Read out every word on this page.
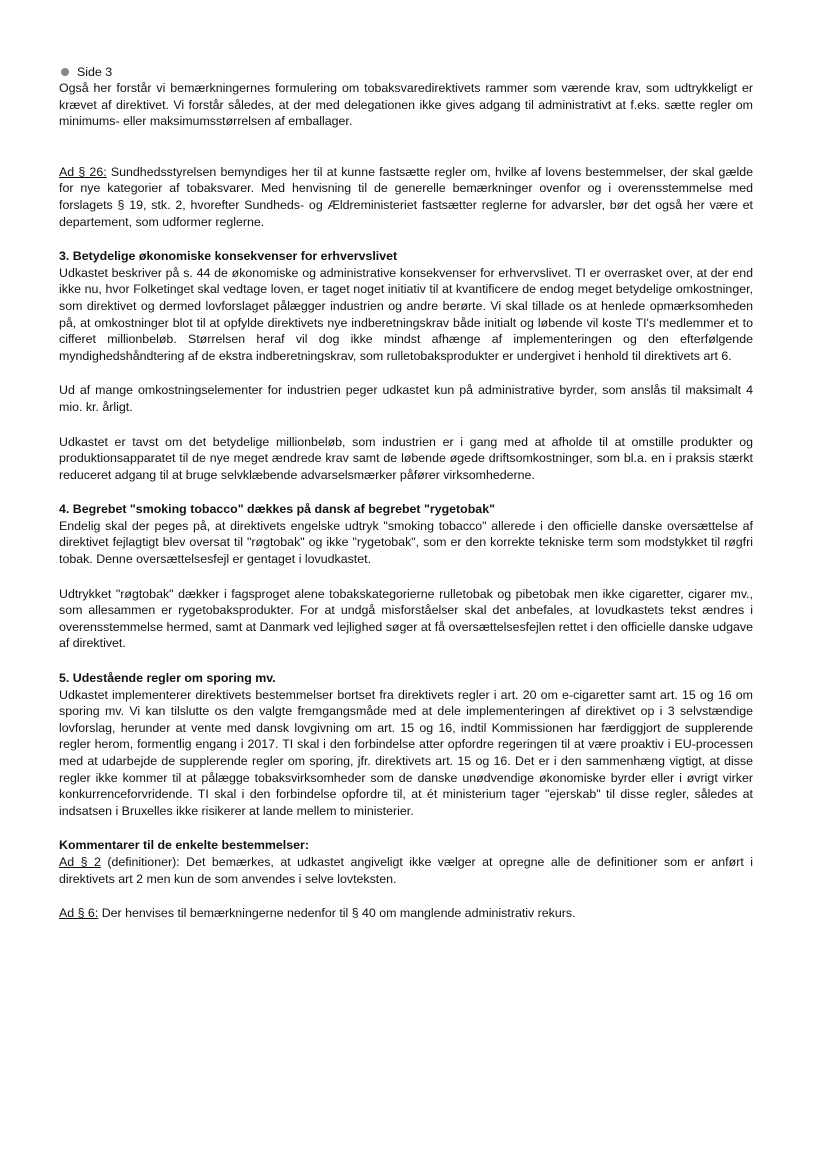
Side 3

Også her forstår vi bemærkningernes formulering om tobaksvaredirektivets rammer som værende krav, som udtrykkeligt er krævet af direktivet. Vi forstår således, at der med delegationen ikke gives adgang til administrativt at f.eks. sætte regler om minimums- eller maksimumsstørrelsen af emballager.

Ad § 26: Sundhedsstyrelsen bemyndiges her til at kunne fastsætte regler om, hvilke af lovens bestemmelser, der skal gælde for nye kategorier af tobaksvarer. Med henvisning til de generelle bemærkninger ovenfor og i overensstemmelse med forslagets § 19, stk. 2, hvorefter Sundheds- og Ældreministeriet fastsætter reglerne for advarsler, bør det også her være et departement, som udformer reglerne.

3. Betydelige økonomiske konsekvenser for erhvervslivet

Udkastet beskriver på s. 44 de økonomiske og administrative konsekvenser for erhvervslivet. TI er overrasket over, at der end ikke nu, hvor Folketinget skal vedtage loven, er taget noget initiativ til at kvantificere de endog meget betydelige omkostninger, som direktivet og dermed lovforslaget pålægger industrien og andre berørte. Vi skal tillade os at henlede opmærksomheden på, at omkostninger blot til at opfylde direktivets nye indberetningskrav både initialt og løbende vil koste TI's medlemmer et to cifferet millionbeløb. Størrelsen heraf vil dog ikke mindst afhænge af implementeringen og den efterfølgende myndighedshåndtering af de ekstra indberetningskrav, som rulletobaksprodukter er undergivet i henhold til direktivets art 6.

Ud af mange omkostningselementer for industrien peger udkastet kun på administrative byrder, som anslås til maksimalt 4 mio. kr. årligt.

Udkastet er tavst om det betydelige millionbeløb, som industrien er i gang med at afholde til at omstille produkter og produktionsapparatet til de nye meget ændrede krav samt de løbende øgede driftsomkostninger, som bl.a. en i praksis stærkt reduceret adgang til at bruge selvklæbende advarselsmærker påfører virksomhederne.

4. Begrebet "smoking tobacco" dækkes på dansk af begrebet "rygetobak"

Endelig skal der peges på, at direktivets engelske udtryk "smoking tobacco" allerede i den officielle danske oversættelse af direktivet fejlagtigt blev oversat til "røgtobak" og ikke "rygetobak", som er den korrekte tekniske term som modstykket til røgfri tobak. Denne oversættelsesfejl er gentaget i lovudkastet.

Udtrykket "røgtobak" dækker i fagsproget alene tobakskategorierne rulletobak og pibetobak men ikke cigaretter, cigarer mv., som allesammen er rygetobaksprodukter. For at undgå misforståelser skal det anbefales, at lovudkastets tekst ændres i overensstemmelse hermed, samt at Danmark ved lejlighed søger at få oversættelsesfejlen rettet i den officielle danske udgave af direktivet.

5. Udestående regler om sporing mv.

Udkastet implementerer direktivets bestemmelser bortset fra direktivets regler i art. 20 om e-cigaretter samt art. 15 og 16 om sporing mv. Vi kan tilslutte os den valgte fremgangsmåde med at dele implementeringen af direktivet op i 3 selvstændige lovforslag, herunder at vente med dansk lovgivning om art. 15 og 16, indtil Kommissionen har færdiggjort de supplerende regler herom, formentlig engang i 2017. TI skal i den forbindelse atter opfordre regeringen til at være proaktiv i EU-processen med at udarbejde de supplerende regler om sporing, jfr. direktivets art. 15 og 16. Det er i den sammenhæng vigtigt, at disse regler ikke kommer til at pålægge tobaksvirksomheder som de danske unødvendige økonomiske byrder eller i øvrigt virker konkurrenceforvridende. TI skal i den forbindelse opfordre til, at ét ministerium tager "ejerskab" til disse regler, således at indsatsen i Bruxelles ikke risikerer at lande mellem to ministerier.

Kommentarer til de enkelte bestemmelser:

Ad § 2 (definitioner): Det bemærkes, at udkastet angiveligt ikke vælger at opregne alle de definitioner som er anført i direktivets art 2 men kun de som anvendes i selve lovteksten.

Ad § 6: Der henvises til bemærkningerne nedenfor til § 40 om manglende administrativ rekurs.
